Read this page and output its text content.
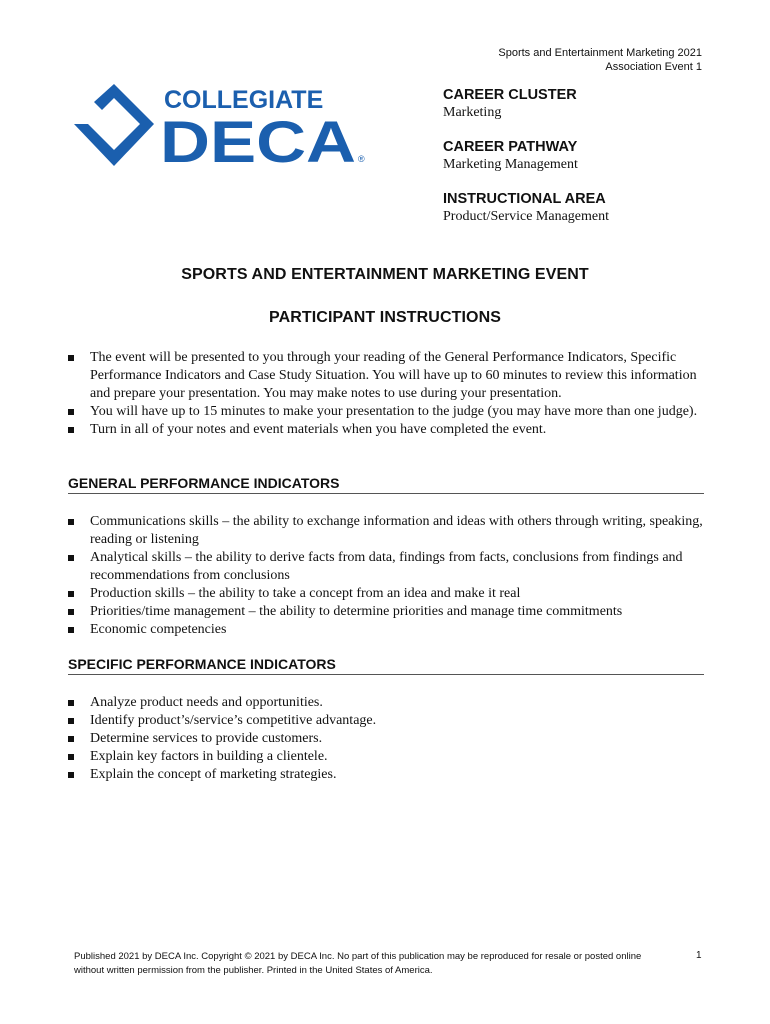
Sports and Entertainment Marketing 2021
Association Event 1
COLLEGIATE
DECA ®
CAREER CLUSTER
Marketing
CAREER PATHWAY
Marketing Management
INSTRUCTIONAL AREA
Product/Service Management
SPORTS AND ENTERTAINMENT MARKETING EVENT
PARTICIPANT INSTRUCTIONS
The event will be presented to you through your reading of the General Performance Indicators, Specific Performance Indicators and Case Study Situation. You will have up to 60 minutes to review this information and prepare your presentation. You may make notes to use during your presentation.
You will have up to 15 minutes to make your presentation to the judge (you may have more than one judge).
Turn in all of your notes and event materials when you have completed the event.
GENERAL PERFORMANCE INDICATORS
Communications skills – the ability to exchange information and ideas with others through writing, speaking, reading or listening
Analytical skills – the ability to derive facts from data, findings from facts, conclusions from findings and recommendations from conclusions
Production skills – the ability to take a concept from an idea and make it real
Priorities/time management – the ability to determine priorities and manage time commitments
Economic competencies
SPECIFIC PERFORMANCE INDICATORS
Analyze product needs and opportunities.
Identify product’s/service’s competitive advantage.
Determine services to provide customers.
Explain key factors in building a clientele.
Explain the concept of marketing strategies.
Published 2021 by DECA Inc. Copyright © 2021 by DECA Inc. No part of this publication may be reproduced for resale or posted online without written permission from the publisher. Printed in the United States of America.
1
